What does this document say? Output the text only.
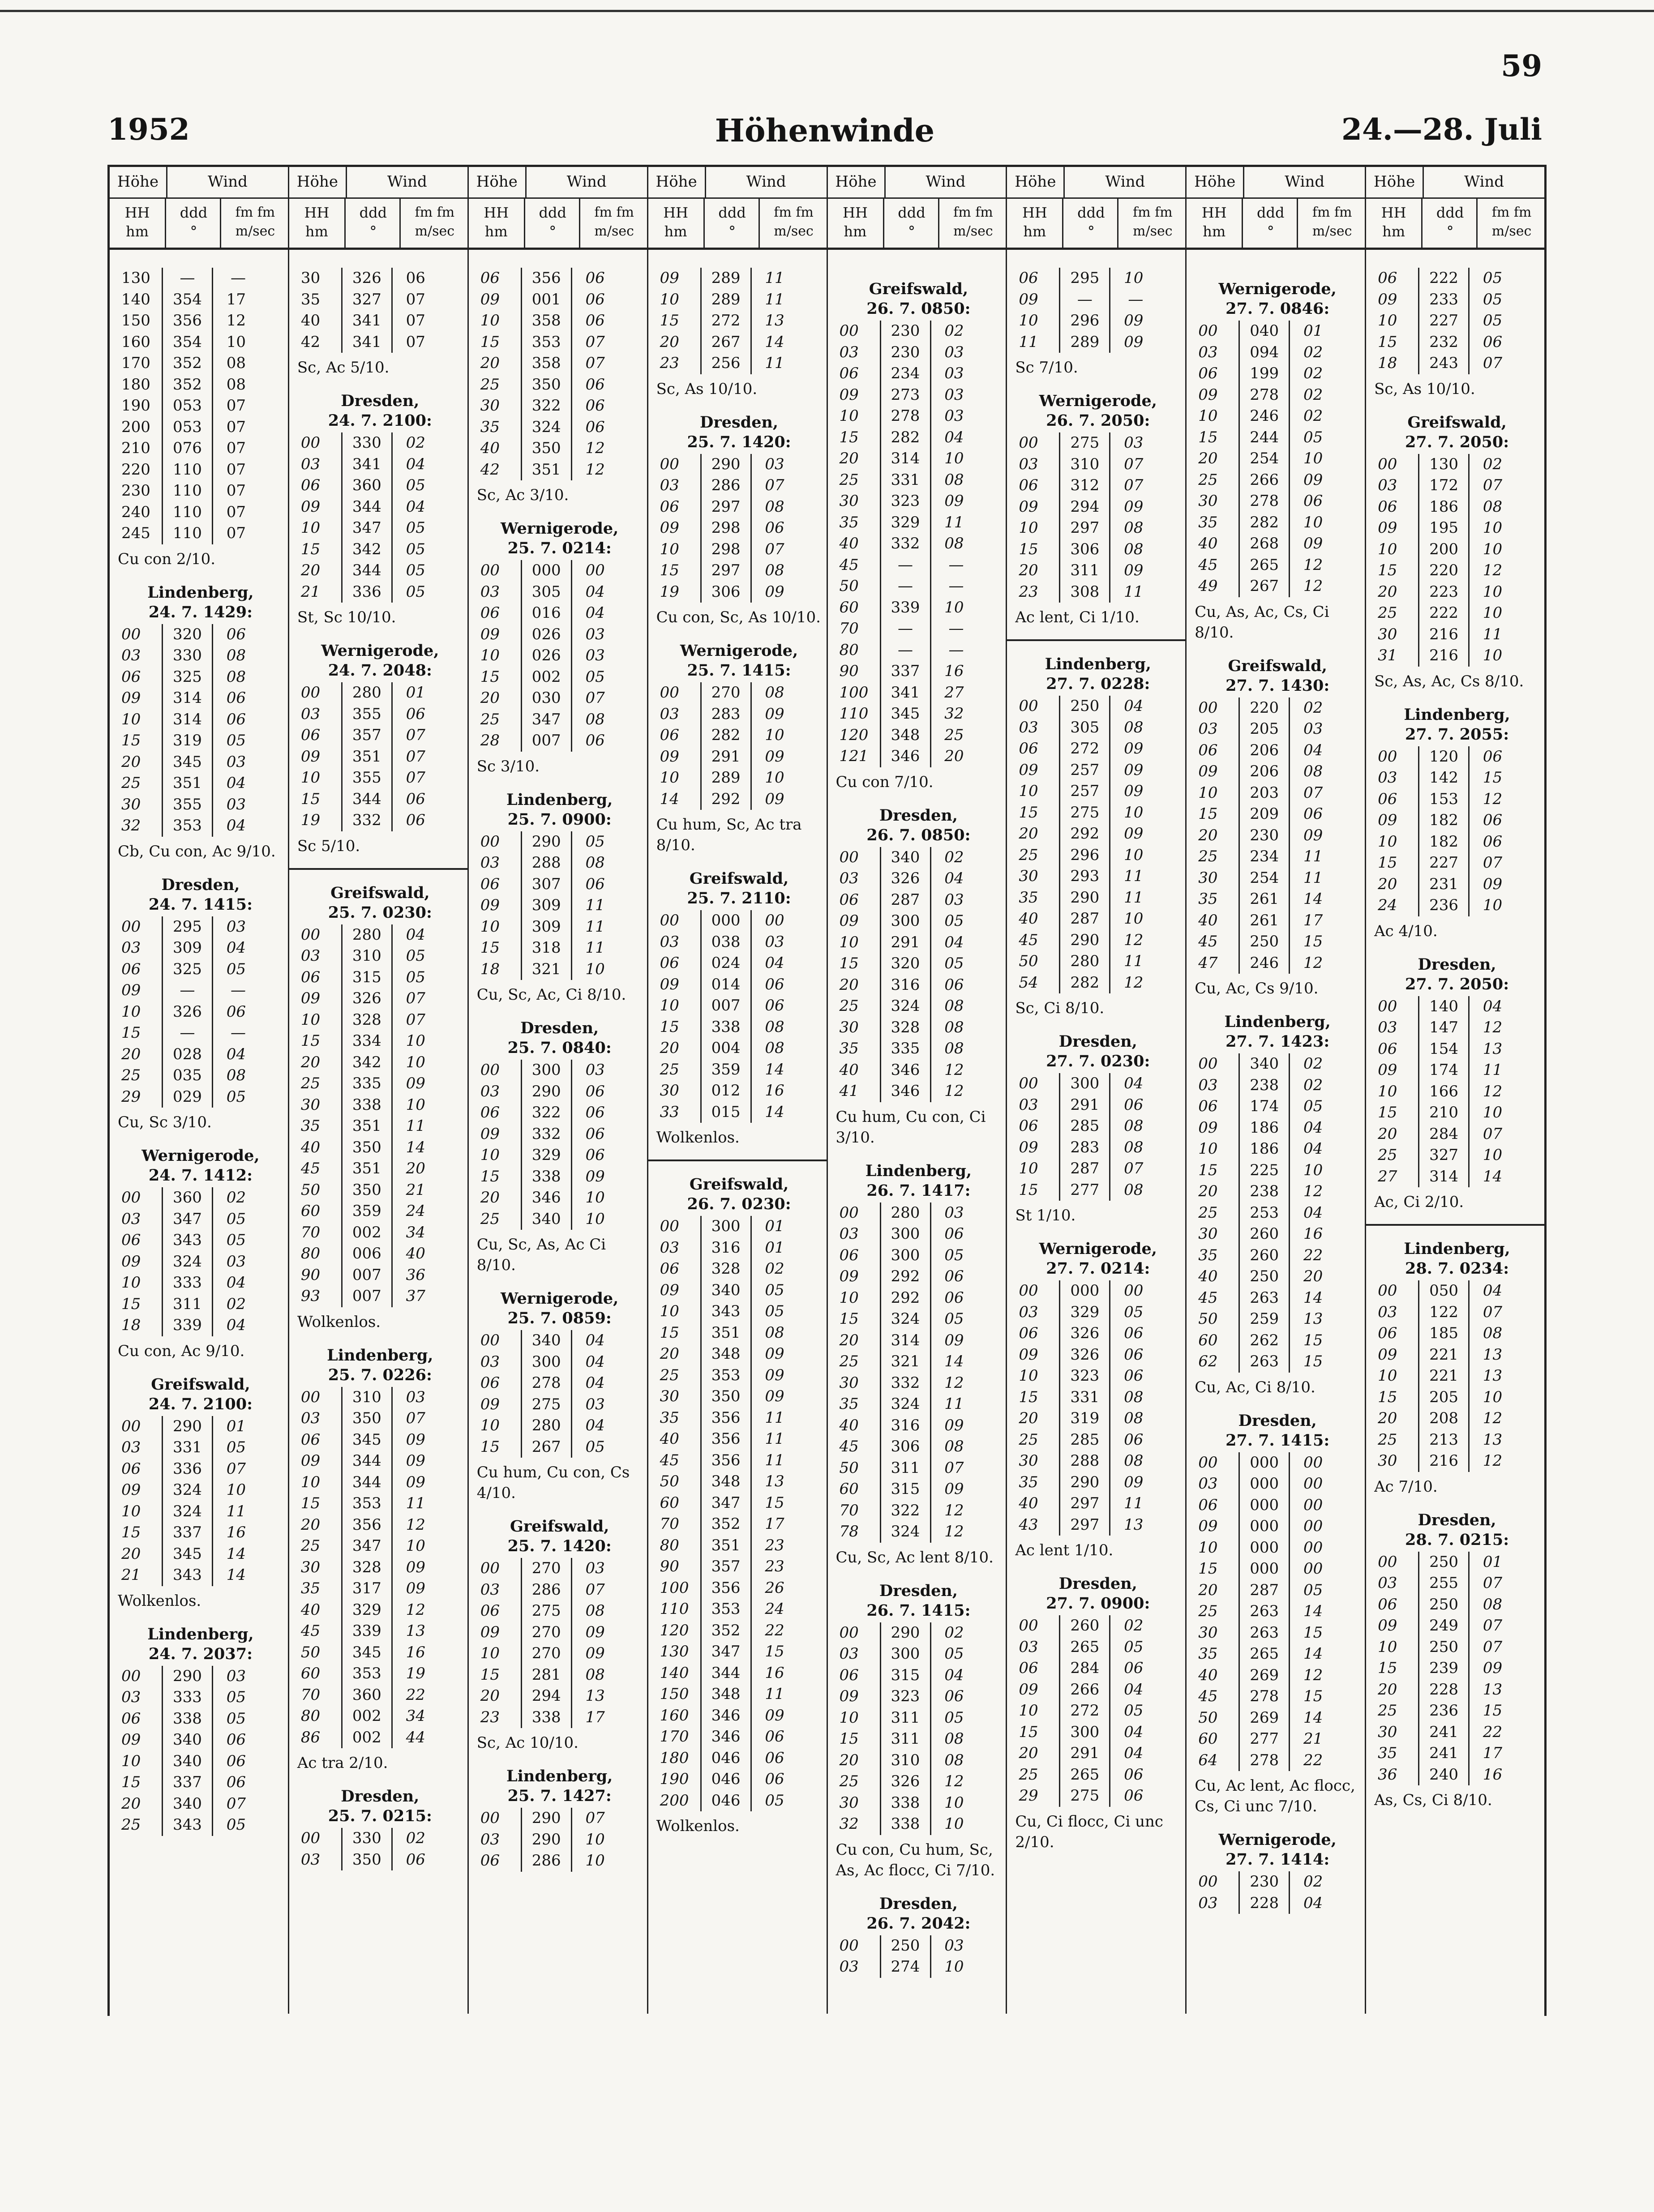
59
1952	Höhenwinde	24.—28. Juli
Höhe	Wind
HH
hm
ddd
°
fm fm
m/sec
Höhe	Wind
HH
hm
ddd
°
fm fm
m/sec
Höhe	Wind
HH
hm
ddd
°
fm fm
m/sec
Höhe	Wind
HH
hm
ddd
°
fm fm
m/sec
Höhe	Wind
HH
hm
ddd
°
fm fm
m/sec
Höhe	Wind
HH
hm
ddd
°
fm fm
m/sec
Höhe	Wind
HH
hm
ddd
°
fm fm
m/sec
Höhe	Wind
HH
hm
ddd
°
fm fm
m/sec
130	—	—
140	354	17
150	356	12
160	354	10
170	352	08
180	352	08
190	053	07
200	053	07
210	076	07
220	110	07
230	110	07
240	110	07
245	110	07
Cu con 2/10.
Lindenberg,
24. 7. 1429:
00	320	06
03	330	08
06	325	08
09	314	06
10	314	06
15	319	05
20	345	03
25	351	04
30	355	03
32	353	04
Cb, Cu con, Ac 9/10.
Dresden,
24. 7. 1415:
00	295	03
03	309	04
06	325	05
09	—	—
10	326	06
15	—	—
20	028	04
25	035	08
29	029	05
Cu, Sc 3/10.
Wernigerode,
24. 7. 1412:
00	360	02
03	347	05
06	343	05
09	324	03
10	333	04
15	311	02
18	339	04
Cu con, Ac 9/10.
Greifswald,
24. 7. 2100:
00	290	01
03	331	05
06	336	07
09	324	10
10	324	11
15	337	16
20	345	14
21	343	14
Wolkenlos.
Lindenberg,
24. 7. 2037:
00	290	03
03	333	05
06	338	05
09	340	06
10	340	06
15	337	06
20	340	07
25	343	05
30	326	06
35	327	07
40	341	07
42	341	07
Sc, Ac 5/10.
Dresden,
24. 7. 2100:
00	330	02
03	341	04
06	360	05
09	344	04
10	347	05
15	342	05
20	344	05
21	336	05
St, Sc 10/10.
Wernigerode,
24. 7. 2048:
00	280	01
03	355	06
06	357	07
09	351	07
10	355	07
15	344	06
19	332	06
Sc 5/10.
Greifswald,
25. 7. 0230:
00	280	04
03	310	05
06	315	05
09	326	07
10	328	07
15	334	10
20	342	10
25	335	09
30	338	10
35	351	11
40	350	14
45	351	20
50	350	21
60	359	24
70	002	34
80	006	40
90	007	36
93	007	37
Wolkenlos.
Lindenberg,
25. 7. 0226:
00	310	03
03	350	07
06	345	09
09	344	09
10	344	09
15	353	11
20	356	12
25	347	10
30	328	09
35	317	09
40	329	12
45	339	13
50	345	16
60	353	19
70	360	22
80	002	34
86	002	44
Ac tra 2/10.
Dresden,
25. 7. 0215:
00	330	02
03	350	06
06	356	06
09	001	06
10	358	06
15	353	07
20	358	07
25	350	06
30	322	06
35	324	06
40	350	12
42	351	12
Sc, Ac 3/10.
Wernigerode,
25. 7. 0214:
00	000	00
03	305	04
06	016	04
09	026	03
10	026	03
15	002	05
20	030	07
25	347	08
28	007	06
Sc 3/10.
Lindenberg,
25. 7. 0900:
00	290	05
03	288	08
06	307	06
09	309	11
10	309	11
15	318	11
18	321	10
Cu, Sc, Ac, Ci 8/10.
Dresden,
25. 7. 0840:
00	300	03
03	290	06
06	322	06
09	332	06
10	329	06
15	338	09
20	346	10
25	340	10
Cu, Sc, As, Ac Ci 8/10.
Wernigerode,
25. 7. 0859:
00	340	04
03	300	04
06	278	04
09	275	03
10	280	04
15	267	05
Cu hum, Cu con, Cs 4/10.
Greifswald,
25. 7. 1420:
00	270	03
03	286	07
06	275	08
09	270	09
10	270	09
15	281	08
20	294	13
23	338	17
Sc, Ac 10/10.
Lindenberg,
25. 7. 1427:
00	290	07
03	290	10
06	286	10
09	289	11
10	289	11
15	272	13
20	267	14
23	256	11
Sc, As 10/10.
Dresden,
25. 7. 1420:
00	290	03
03	286	07
06	297	08
09	298	06
10	298	07
15	297	08
19	306	09
Cu con, Sc, As 10/10.
Wernigerode,
25. 7. 1415:
00	270	08
03	283	09
06	282	10
09	291	09
10	289	10
14	292	09
Cu hum, Sc, Ac tra 8/10.
Greifswald,
25. 7. 2110:
00	000	00
03	038	03
06	024	04
09	014	06
10	007	06
15	338	08
20	004	08
25	359	14
30	012	16
33	015	14
Wolkenlos.
Greifswald,
26. 7. 0230:
00	300	01
03	316	01
06	328	02
09	340	05
10	343	05
15	351	08
20	348	09
25	353	09
30	350	09
35	356	11
40	356	11
45	356	11
50	348	13
60	347	15
70	352	17
80	351	23
90	357	23
100	356	26
110	353	24
120	352	22
130	347	15
140	344	16
150	348	11
160	346	09
170	346	06
180	046	06
190	046	06
200	046	05
Wolkenlos.
Greifswald,
26. 7. 0850:
00	230	02
03	230	03
06	234	03
09	273	03
10	278	03
15	282	04
20	314	10
25	331	08
30	323	09
35	329	11
40	332	08
45	—	—
50	—	—
60	339	10
70	—	—
80	—	—
90	337	16
100	341	27
110	345	32
120	348	25
121	346	20
Cu con 7/10.
Dresden,
26. 7. 0850:
00	340	02
03	326	04
06	287	03
09	300	05
10	291	04
15	320	05
20	316	06
25	324	08
30	328	08
35	335	08
40	346	12
41	346	12
Cu hum, Cu con, Ci 3/10.
Lindenberg,
26. 7. 1417:
00	280	03
03	300	06
06	300	05
09	292	06
10	292	06
15	324	05
20	314	09
25	321	14
30	332	12
35	324	11
40	316	09
45	306	08
50	311	07
60	315	09
70	322	12
78	324	12
Cu, Sc, Ac lent 8/10.
Dresden,
26. 7. 1415:
00	290	02
03	300	05
06	315	04
09	323	06
10	311	05
15	311	08
20	310	08
25	326	12
30	338	10
32	338	10
Cu con, Cu hum, Sc, As, Ac flocc, Ci 7/10.
Dresden,
26. 7. 2042:
00	250	03
03	274	10
06	295	10
09	—	—
10	296	09
11	289	09
Sc 7/10.
Wernigerode,
26. 7. 2050:
00	275	03
03	310	07
06	312	07
09	294	09
10	297	08
15	306	08
20	311	09
23	308	11
Ac lent, Ci 1/10.
Lindenberg,
27. 7. 0228:
00	250	04
03	305	08
06	272	09
09	257	09
10	257	09
15	275	10
20	292	09
25	296	10
30	293	11
35	290	11
40	287	10
45	290	12
50	280	11
54	282	12
Sc, Ci 8/10.
Dresden,
27. 7. 0230:
00	300	04
03	291	06
06	285	08
09	283	08
10	287	07
15	277	08
St 1/10.
Wernigerode,
27. 7. 0214:
00	000	00
03	329	05
06	326	06
09	326	06
10	323	06
15	331	08
20	319	08
25	285	06
30	288	08
35	290	09
40	297	11
43	297	13
Ac lent 1/10.
Dresden,
27. 7. 0900:
00	260	02
03	265	05
06	284	06
09	266	04
10	272	05
15	300	04
20	291	04
25	265	06
29	275	06
Cu, Ci flocc, Ci unc 2/10.
Wernigerode,
27. 7. 0846:
00	040	01
03	094	02
06	199	02
09	278	02
10	246	02
15	244	05
20	254	10
25	266	09
30	278	06
35	282	10
40	268	09
45	265	12
49	267	12
Cu, As, Ac, Cs, Ci 8/10.
Greifswald,
27. 7. 1430:
00	220	02
03	205	03
06	206	04
09	206	08
10	203	07
15	209	06
20	230	09
25	234	11
30	254	11
35	261	14
40	261	17
45	250	15
47	246	12
Cu, Ac, Cs 9/10.
Lindenberg,
27. 7. 1423:
00	340	02
03	238	02
06	174	05
09	186	04
10	186	04
15	225	10
20	238	12
25	253	04
30	260	16
35	260	22
40	250	20
45	263	14
50	259	13
60	262	15
62	263	15
Cu, Ac, Ci 8/10.
Dresden,
27. 7. 1415:
00	000	00
03	000	00
06	000	00
09	000	00
10	000	00
15	000	00
20	287	05
25	263	14
30	263	15
35	265	14
40	269	12
45	278	15
50	269	14
60	277	21
64	278	22
Cu, Ac lent, Ac flocc, Cs, Ci unc 7/10.
Wernigerode,
27. 7. 1414:
00	230	02
03	228	04
06	222	05
09	233	05
10	227	05
15	232	06
18	243	07
Sc, As 10/10.
Greifswald,
27. 7. 2050:
00	130	02
03	172	07
06	186	08
09	195	10
10	200	10
15	220	12
20	223	10
25	222	10
30	216	11
31	216	10
Sc, As, Ac, Cs 8/10.
Lindenberg,
27. 7. 2055:
00	120	06
03	142	15
06	153	12
09	182	06
10	182	06
15	227	07
20	231	09
24	236	10
Ac 4/10.
Dresden,
27. 7. 2050:
00	140	04
03	147	12
06	154	13
09	174	11
10	166	12
15	210	10
20	284	07
25	327	10
27	314	14
Ac, Ci 2/10.
Lindenberg,
28. 7. 0234:
00	050	04
03	122	07
06	185	08
09	221	13
10	221	13
15	205	10
20	208	12
25	213	13
30	216	12
Ac 7/10.
Dresden,
28. 7. 0215:
00	250	01
03	255	07
06	250	08
09	249	07
10	250	07
15	239	09
20	228	13
25	236	15
30	241	22
35	241	17
36	240	16
As, Cs, Ci 8/10.
